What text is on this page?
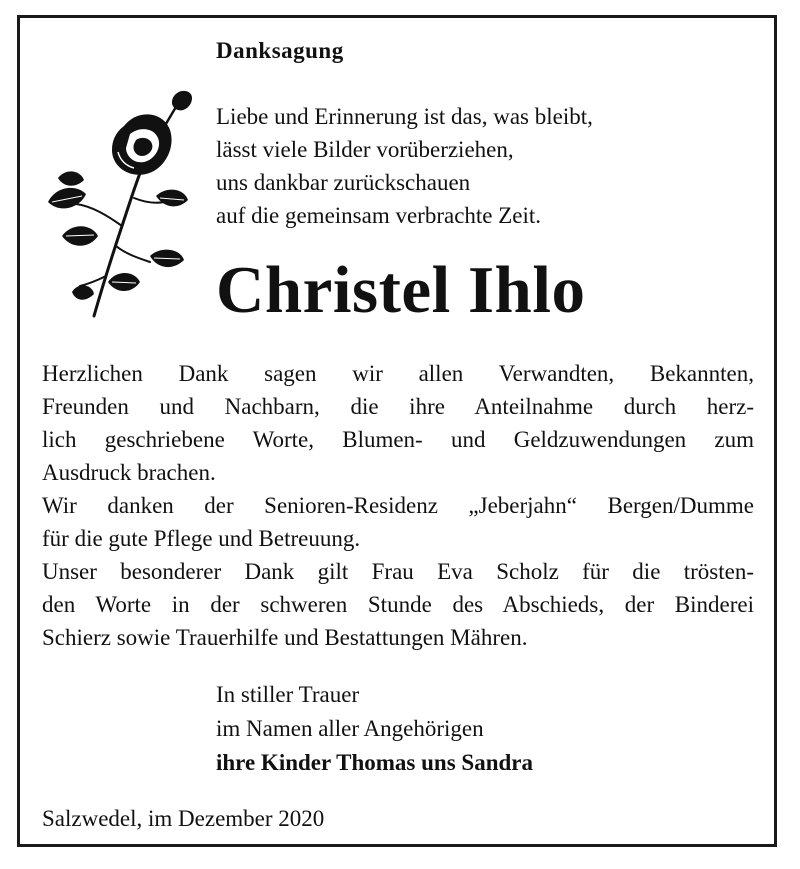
Danksagung
Liebe und Erinnerung ist das, was bleibt,
lässt viele Bilder vorüberziehen,
uns dankbar zurückschauen
auf die gemeinsam verbrachte Zeit.
Christel Ihlo

Herzlichen Dank sagen wir allen Verwandten, Bekannten,

Freunden und Nachbarn, die ihre Anteilnahme durch herz-

lich geschriebene Worte, Blumen- und Geldzuwendungen zum

Ausdruck brachen.

Wir danken der Senioren-Residenz „Jeberjahn“ Bergen/Dumme

für die gute Pflege und Betreuung.

Unser besonderer Dank gilt Frau Eva Scholz für die trösten-

den Worte in der schweren Stunde des Abschieds, der Binderei

Schierz sowie Trauerhilfe und Bestattungen Mähren.

In stiller Trauer
im Namen aller Angehörigen
ihre Kinder Thomas uns Sandra
Salzwedel, im Dezember 2020
